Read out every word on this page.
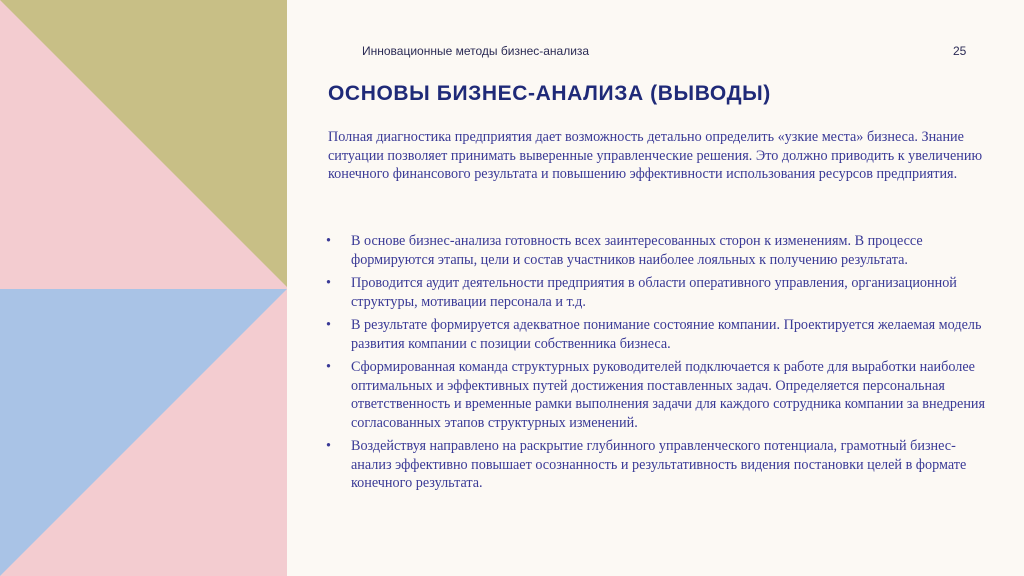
Инновационные методы бизнес-анализа	25
ОСНОВЫ БИЗНЕС-АНАЛИЗА (ВЫВОДЫ)
Полная диагностика предприятия дает возможность детально определить «узкие места» бизнеса. Знание ситуации позволяет принимать выверенные управленческие решения. Это должно приводить к увеличению конечного финансового результата и повышению эффективности использования ресурсов предприятия.
• В основе бизнес-анализа готовность всех заинтересованных сторон к изменениям. В процессе формируются этапы, цели и состав участников наиболее лояльных к получению результата.
• Проводится аудит деятельности предприятия в области оперативного управления, организационной структуры, мотивации персонала и т.д.
• В результате формируется адекватное понимание состояние компании. Проектируется желаемая модель развития компании с позиции собственника бизнеса.
• Сформированная команда структурных руководителей подключается к работе для выработки наиболее оптимальных и эффективных путей достижения поставленных задач. Определяется персональная ответственность и временные рамки выполнения задачи для каждого сотрудника компании за внедрения согласованных этапов структурных изменений.
• Воздействуя направлено на раскрытие глубинного управленческого потенциала, грамотный бизнес-анализ эффективно повышает осознанность и результативность видения постановки целей в формате конечного результата.
